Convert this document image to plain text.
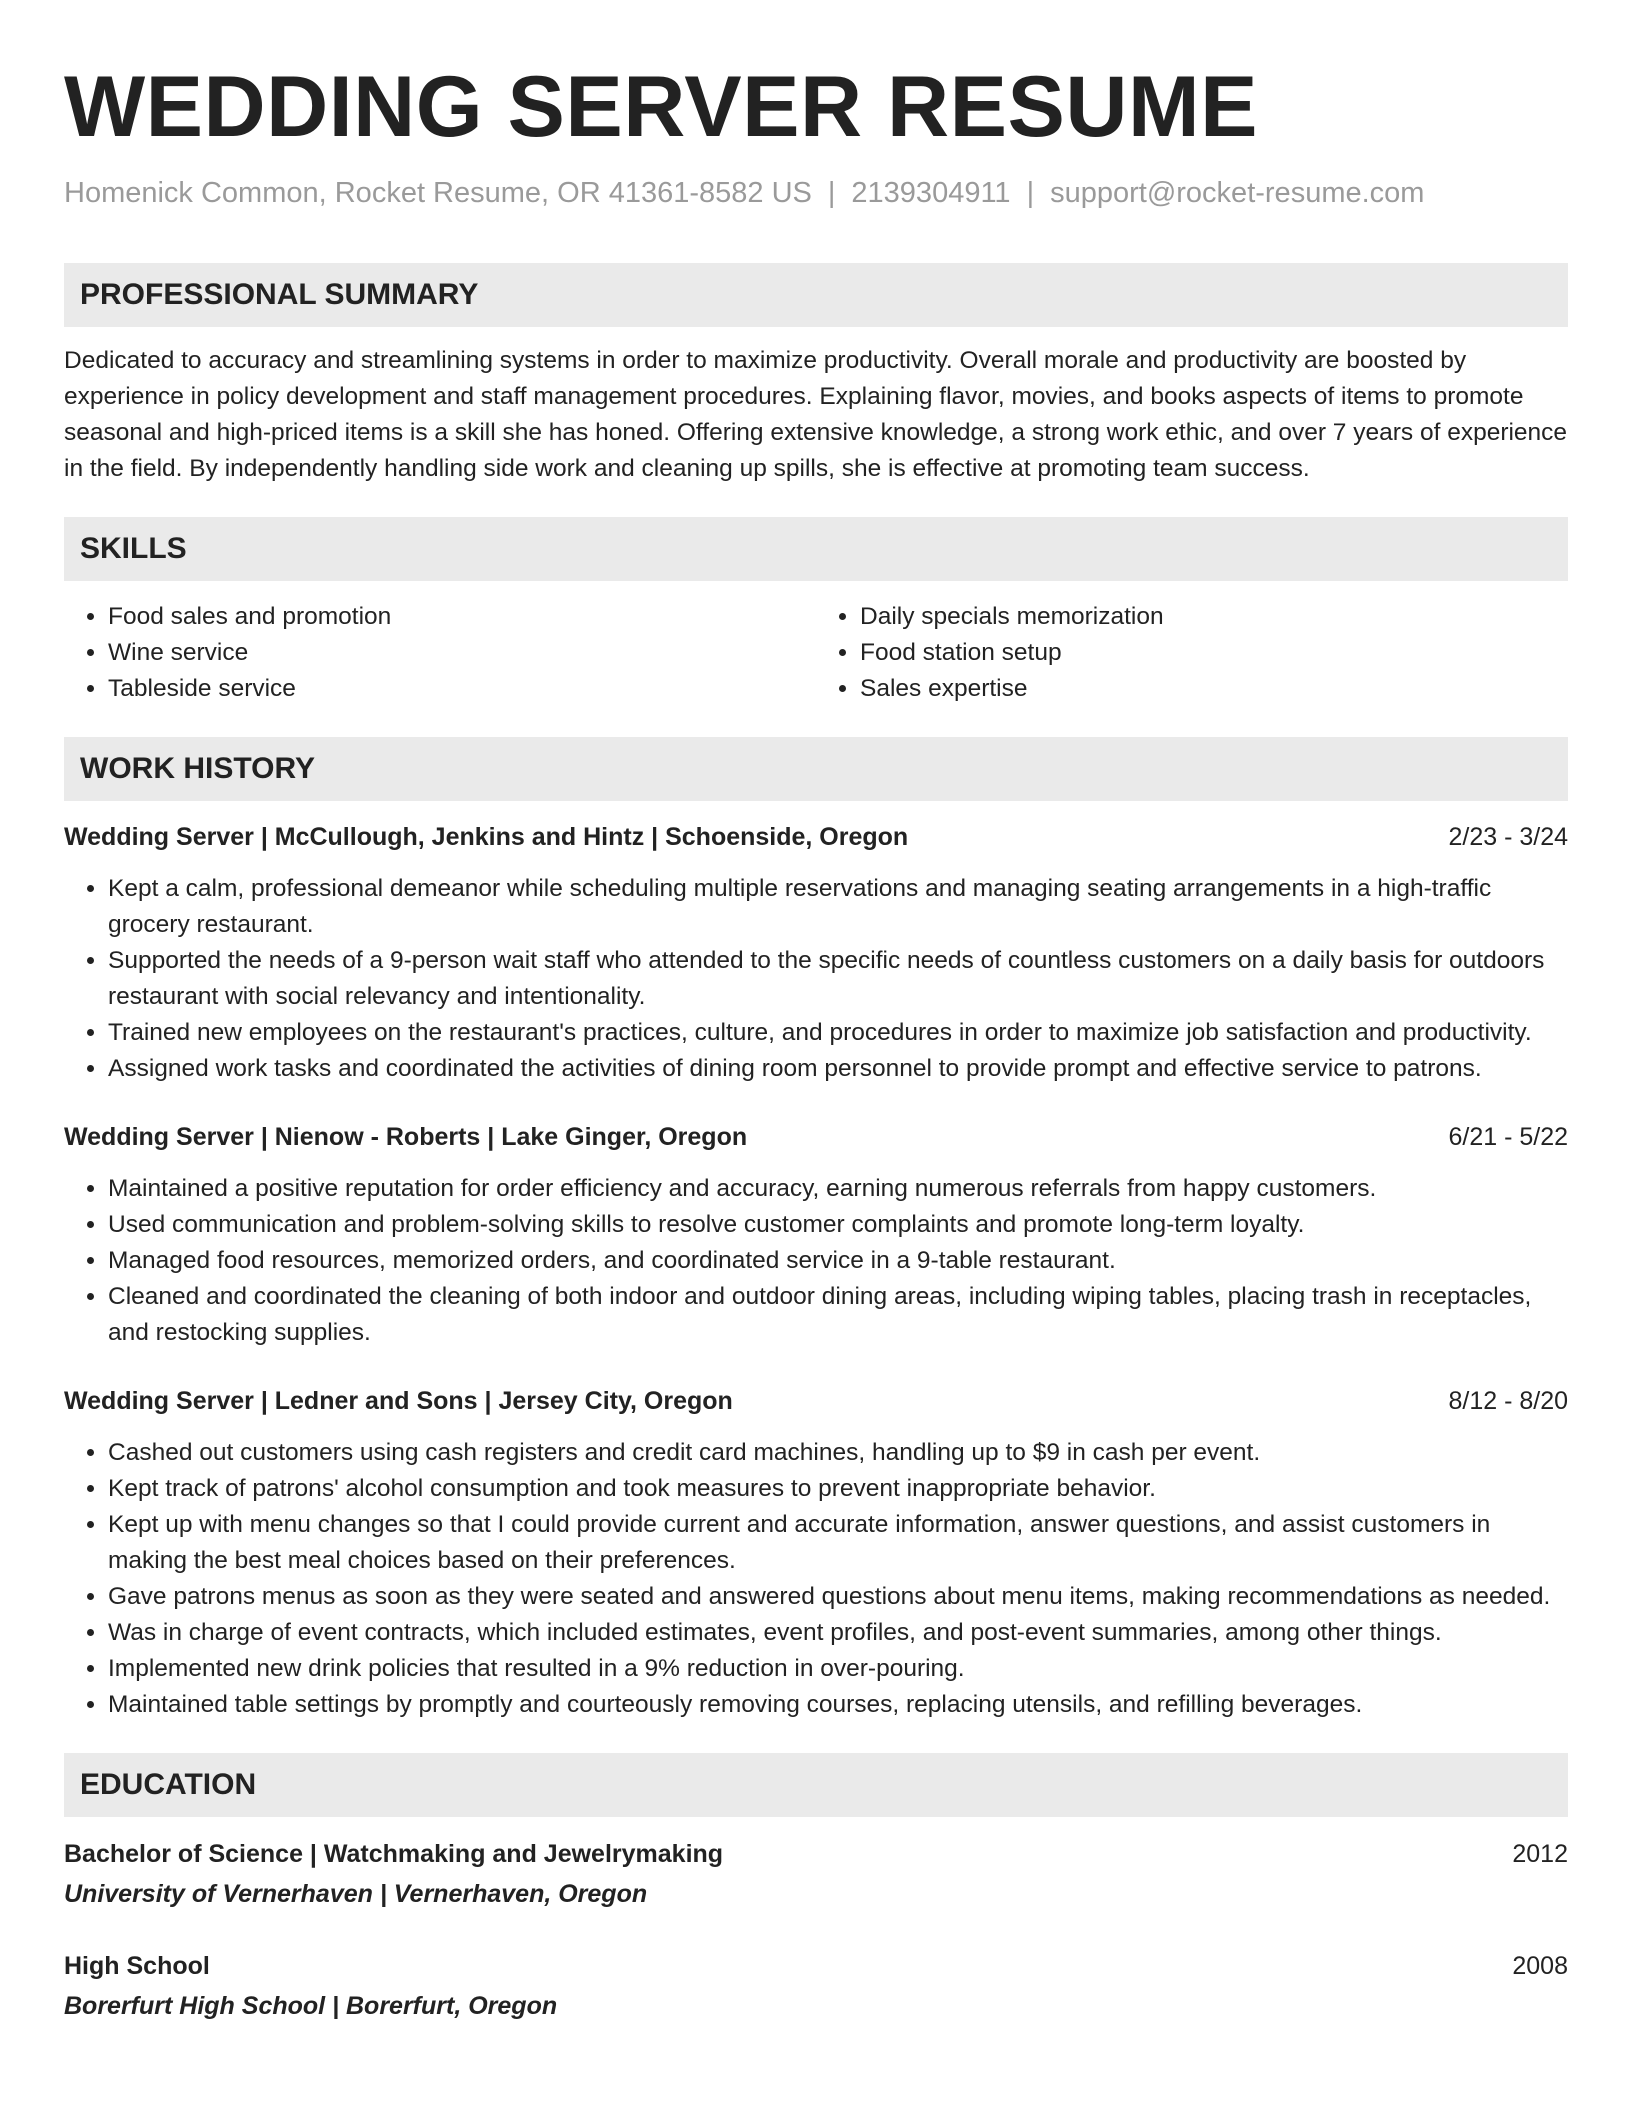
WEDDING SERVER RESUME
Homenick Common, Rocket Resume, OR 41361-8582 US | 2139304911 | support@rocket-resume.com
PROFESSIONAL SUMMARY

Dedicated to accuracy and streamlining systems in order to maximize productivity. Overall morale and productivity are boosted by experience in policy development and staff management procedures. Explaining flavor, movies, and books aspects of items to promote seasonal and high-priced items is a skill she has honed. Offering extensive knowledge, a strong work ethic, and over 7 years of experience in the field. By independently handling side work and cleaning up spills, she is effective at promoting team success.

SKILLS
• Food sales and promotion
• Wine service
• Tableside service
• Daily specials memorization
• Food station setup
• Sales expertise
WORK HISTORY
Wedding Server | McCullough, Jenkins and Hintz | Schoenside, Oregon	2/23 - 3/24
• Kept a calm, professional demeanor while scheduling multiple reservations and managing seating arrangements in a high-traffic grocery restaurant.
• Supported the needs of a 9-person wait staff who attended to the specific needs of countless customers on a daily basis for outdoors restaurant with social relevancy and intentionality.
• Trained new employees on the restaurant's practices, culture, and procedures in order to maximize job satisfaction and productivity.
• Assigned work tasks and coordinated the activities of dining room personnel to provide prompt and effective service to patrons.
Wedding Server | Nienow - Roberts | Lake Ginger, Oregon	6/21 - 5/22
• Maintained a positive reputation for order efficiency and accuracy, earning numerous referrals from happy customers.
• Used communication and problem-solving skills to resolve customer complaints and promote long-term loyalty.
• Managed food resources, memorized orders, and coordinated service in a 9-table restaurant.
• Cleaned and coordinated the cleaning of both indoor and outdoor dining areas, including wiping tables, placing trash in receptacles, and restocking supplies.
Wedding Server | Ledner and Sons | Jersey City, Oregon	8/12 - 8/20
• Cashed out customers using cash registers and credit card machines, handling up to $9 in cash per event.
• Kept track of patrons' alcohol consumption and took measures to prevent inappropriate behavior.
• Kept up with menu changes so that I could provide current and accurate information, answer questions, and assist customers in making the best meal choices based on their preferences.
• Gave patrons menus as soon as they were seated and answered questions about menu items, making recommendations as needed.
• Was in charge of event contracts, which included estimates, event profiles, and post-event summaries, among other things.
• Implemented new drink policies that resulted in a 9% reduction in over-pouring.
• Maintained table settings by promptly and courteously removing courses, replacing utensils, and refilling beverages.
EDUCATION
Bachelor of Science | Watchmaking and Jewelrymaking	2012
University of Vernerhaven | Vernerhaven, Oregon
High School	2008
Borerfurt High School | Borerfurt, Oregon
